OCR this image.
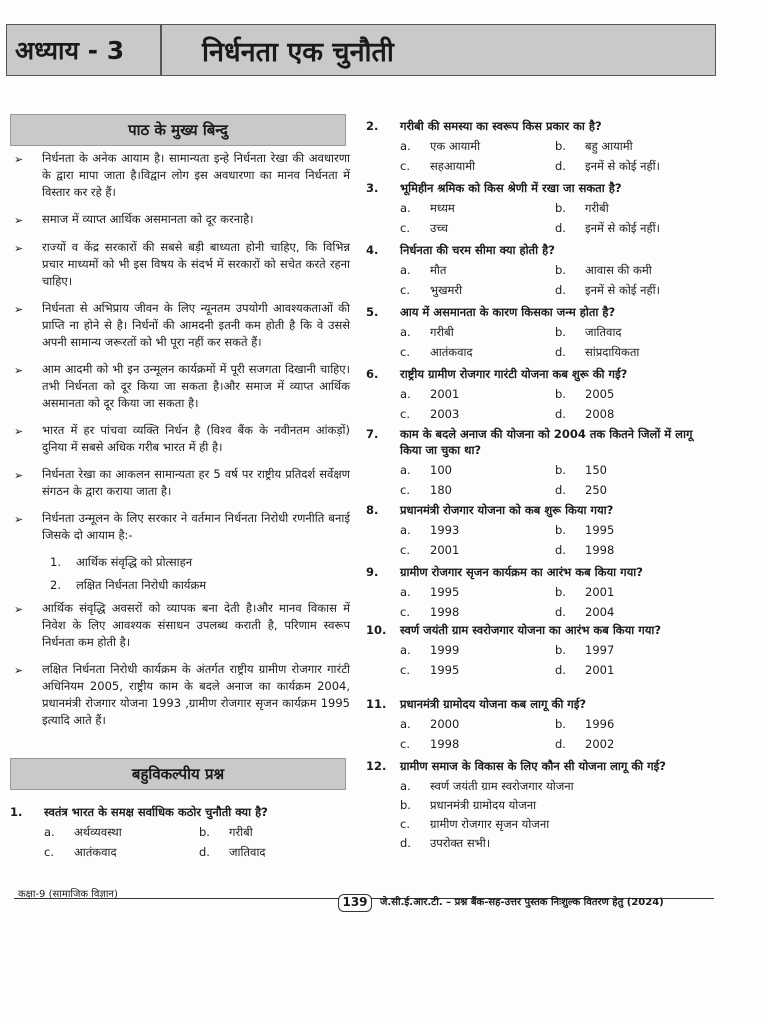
अध्याय - 3	निर्धनता एक चुनौती
पाठ के मुख्य बिन्दु
➢	निर्धनता के अनेक आयाम है। सामान्यता इन्हे निर्धनता रेखा की अवधारणा के द्वारा मापा जाता है।विद्वान लोग इस अवधारणा का मानव निर्धनता में विस्तार कर रहे हैं।
➢	समाज में व्याप्त आर्थिक असमानता को दूर करनाहै।
➢	राज्यों व केंद्र सरकारों की सबसे बड़ी बाध्यता होनी चाहिए, कि विभिन्न प्रचार माध्यमों को भी इस विषय के संदर्भ में सरकारों को सचेत करते रहना चाहिए।
➢	निर्धनता से अभिप्राय जीवन के लिए न्यूनतम उपयोगी आवश्यकताओं की प्राप्ति ना होने से है। निर्धनों की आमदनी इतनी कम होती है कि वे उससे अपनी सामान्य जरूरतों को भी पूरा नहीं कर सकते हैं।
➢	आम आदमी को भी इन उन्मूलन कार्यक्रमों में पूरी सजगता दिखानी चाहिए। तभी निर्धनता को दूर किया जा सकता है।और समाज में व्याप्त आर्थिक असमानता को दूर किया जा सकता है।
➢	भारत में हर पांचवा व्यक्ति निर्धन है (विश्व बैंक के नवीनतम आंकड़ों) दुनिया में सबसे अधिक गरीब भारत में ही है।
➢	निर्धनता रेखा का आकलन सामान्यता हर 5 वर्ष पर राष्ट्रीय प्रतिदर्श सर्वेक्षण संगठन के द्वारा कराया जाता है।
➢	निर्धनता उन्मूलन के लिए सरकार ने वर्तमान निर्धनता निरोधी रणनीति बनाई जिसके दो आयाम है:-
1.	आर्थिक संवृद्धि को प्रोत्साहन
2.	लक्षित निर्धनता निरोधी कार्यक्रम
➢	आर्थिक संवृद्धि अवसरों को व्यापक बना देती है।और मानव विकास में निवेश के लिए आवश्यक संसाधन उपलब्ध कराती है, परिणाम स्वरूप निर्धनता कम होती है।
➢	लक्षित निर्धनता निरोधी कार्यक्रम के अंतर्गत राष्ट्रीय ग्रामीण रोजगार गारंटी अधिनियम 2005, राष्ट्रीय काम के बदले अनाज का कार्यक्रम 2004, प्रधानमंत्री रोजगार योजना 1993 ,ग्रामीण रोजगार सृजन कार्यक्रम 1995 इत्यादि आते हैं।
बहुविकल्पीय प्रश्न
1.	स्वतंत्र भारत के समक्ष सर्वाधिक कठोर चुनौती क्या है?
a.	अर्थव्यवस्था	b.	गरीबी
c.	आतंकवाद	d.	जातिवाद
2.	गरीबी की समस्या का स्वरूप किस प्रकार का है?
a.	एक आयामी	b.	बहु आयामी
c.	सहआयामी	d.	इनमें से कोई नहीं।
3.	भूमिहीन श्रमिक को किस श्रेणी में रखा जा सकता है?
a.	मध्यम	b.	गरीबी
c.	उच्च	d.	इनमें से कोई नहीं।
4.	निर्धनता की चरम सीमा क्या होती है?
a.	मौत	b.	आवास की कमी
c.	भुखमरी	d.	इनमें से कोई नहीं।
5.	आय में असमानता के कारण किसका जन्म होता है?
a.	गरीबी	b.	जातिवाद
c.	आतंकवाद	d.	सांप्रदायिकता
6.	राष्ट्रीय ग्रामीण रोजगार गारंटी योजना कब शुरू की गई?
a.	2001	b.	2005
c.	2003	d.	2008
7.	काम के बदले अनाज की योजना को 2004 तक कितने जिलों में लागू किया जा चुका था?
a.	100	b.	150
c.	180	d.	250
8.	प्रधानमंत्री रोजगार योजना को कब शुरू किया गया?
a.	1993	b.	1995
c.	2001	d.	1998
9.	ग्रामीण रोजगार सृजन कार्यक्रम का आरंभ कब किया गया?
a.	1995	b.	2001
c.	1998	d.	2004
10.	स्वर्ण जयंती ग्राम स्वरोजगार योजना का आरंभ कब किया गया?
a.	1999	b.	1997
c.	1995	d.	2001
11.	प्रधानमंत्री ग्रामोदय योजना कब लागू की गई?
a.	2000	b.	1996
c.	1998	d.	2002
12.	ग्रामीण समाज के विकास के लिए कौन सी योजना लागू की गई?
a.	स्वर्ण जयंती ग्राम स्वरोजगार योजना
b.	प्रधानमंत्री ग्रामोदय योजना
c.	ग्रामीण रोजगार सृजन योजना
d.	उपरोक्त सभी।
कक्षा-9 (सामाजिक विज्ञान)
139	जे.सी.ई.आर.टी. – प्रश्न बैंक-सह-उत्तर पुस्तक निःशुल्क वितरण हेतु (2024)
